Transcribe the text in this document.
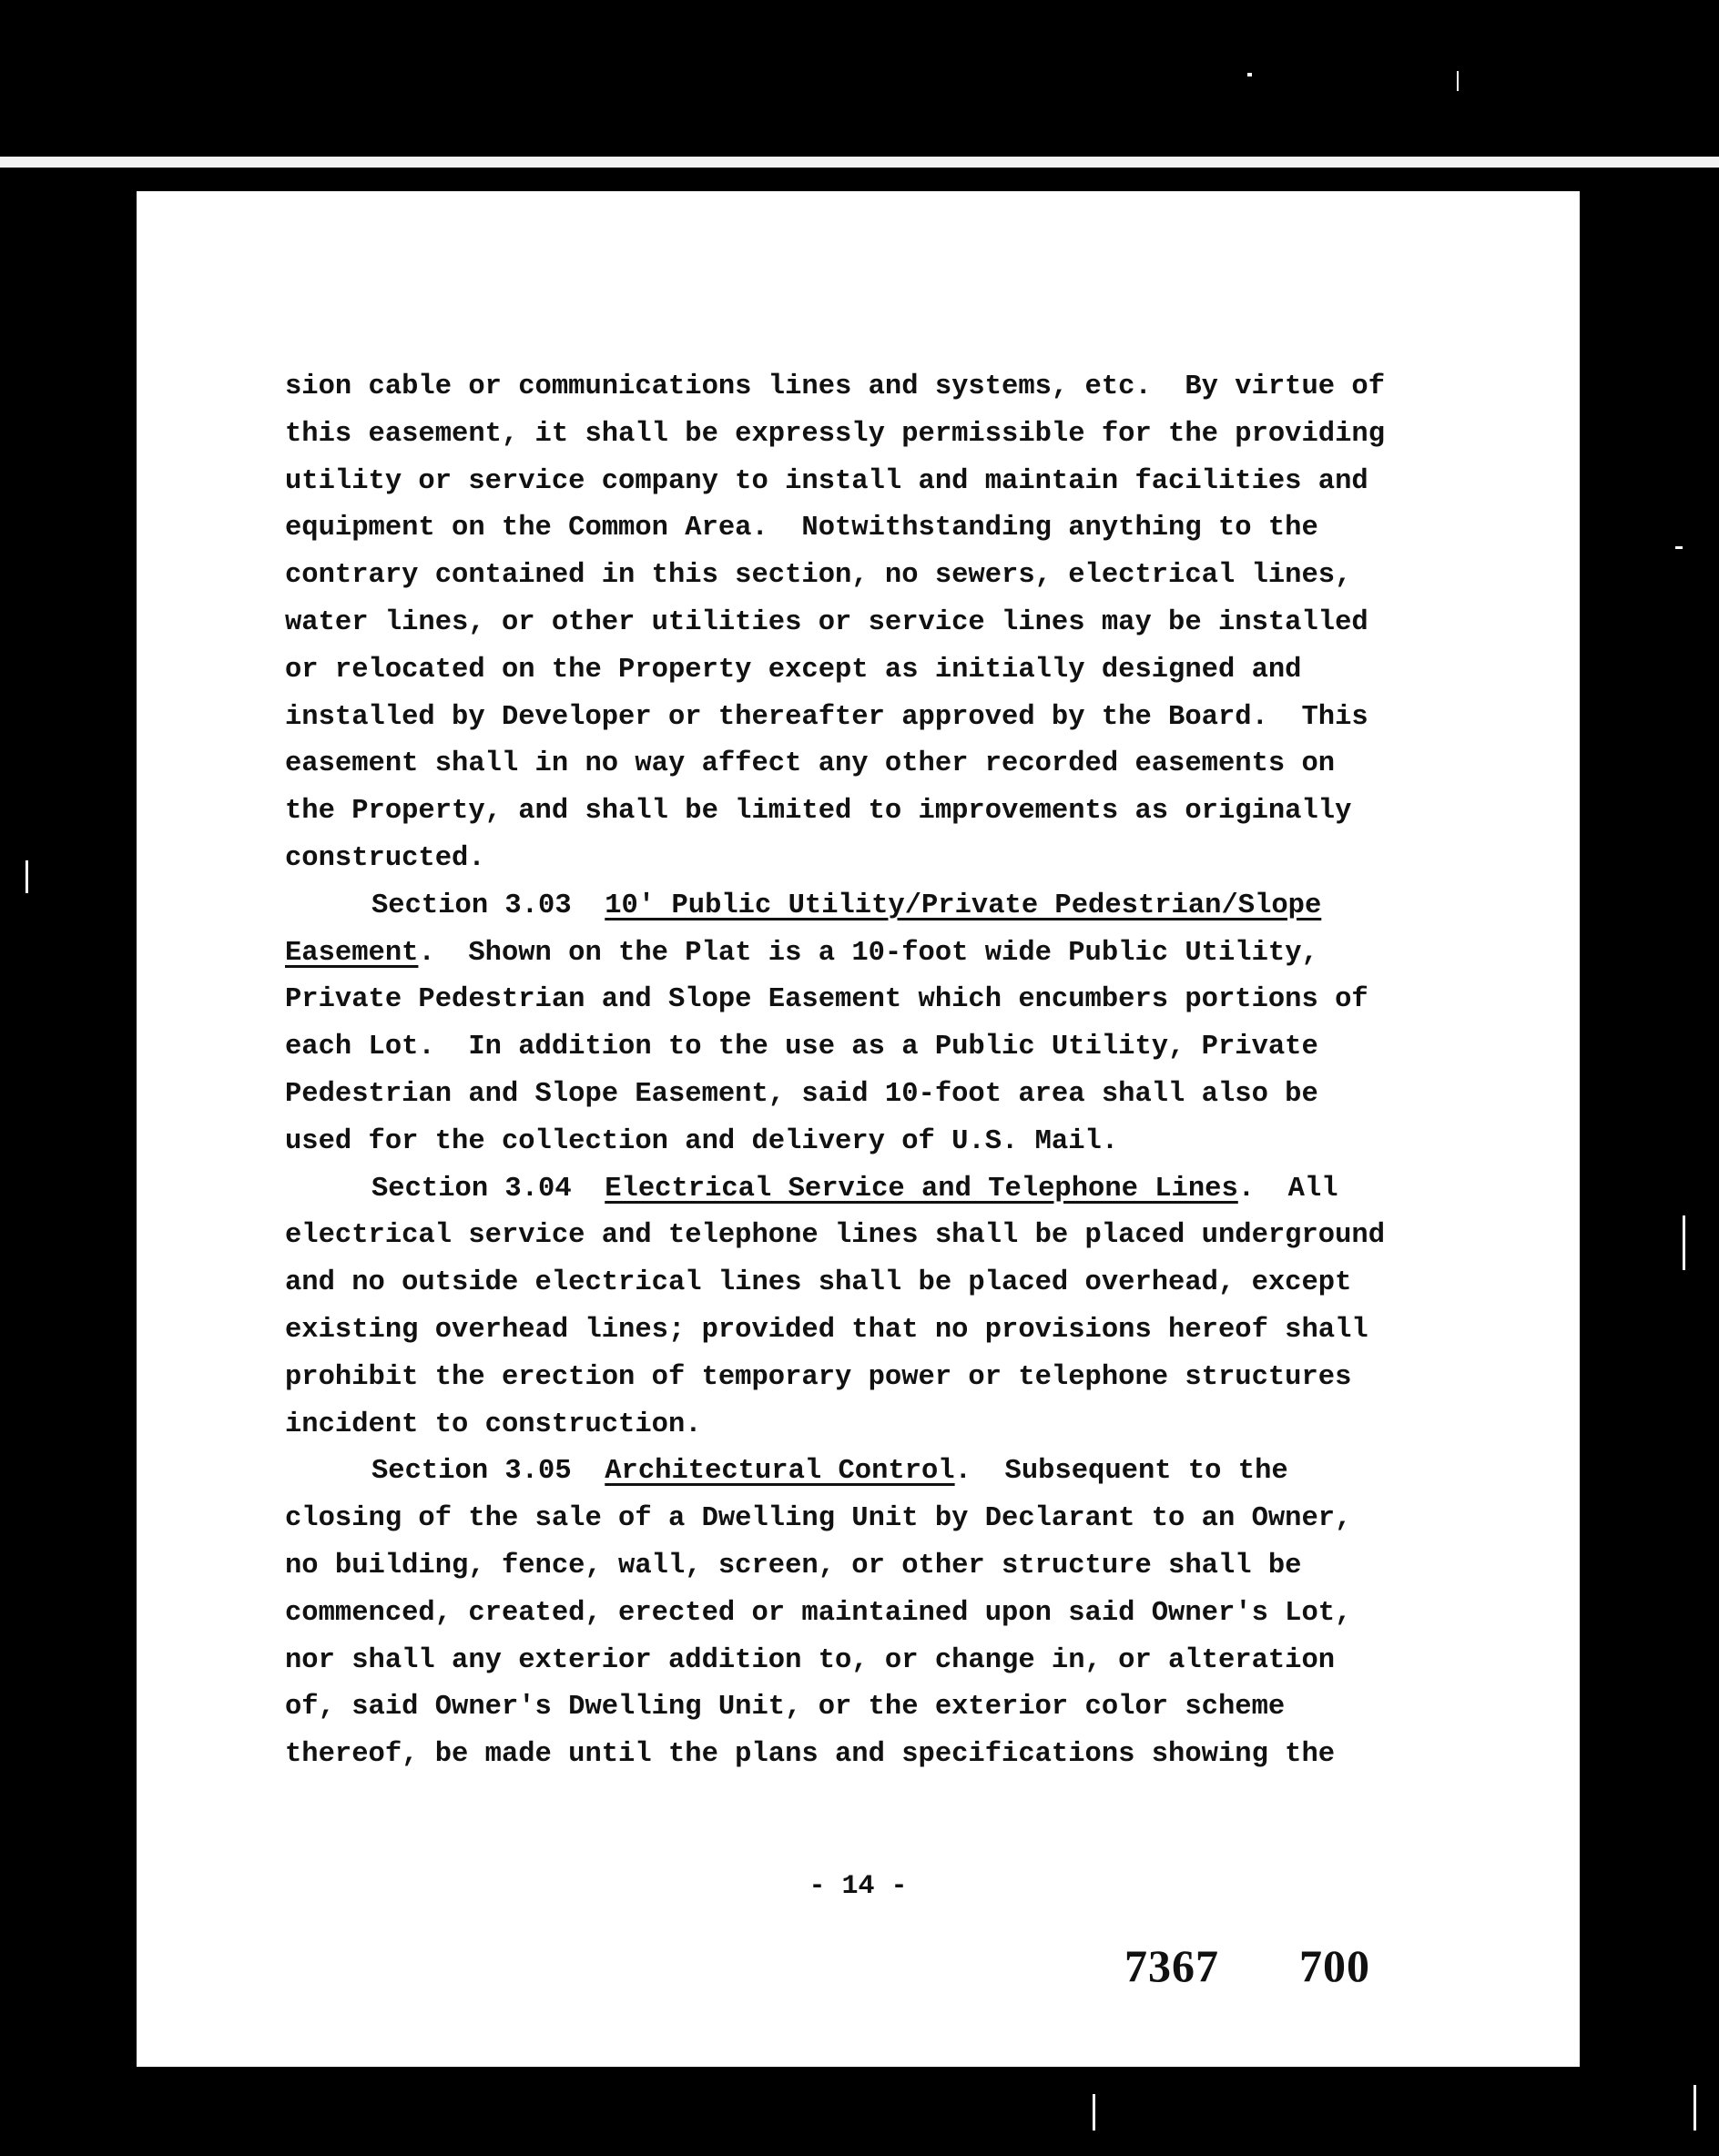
sion cable or communications lines and systems, etc.  By virtue of
this easement, it shall be expressly permissible for the providing
utility or service company to install and maintain facilities and
equipment on the Common Area.  Notwithstanding anything to the
contrary contained in this section, no sewers, electrical lines,
water lines, or other utilities or service lines may be installed
or relocated on the Property except as initially designed and
installed by Developer or thereafter approved by the Board.  This
easement shall in no way affect any other recorded easements on
the Property, and shall be limited to improvements as originally
constructed.
Section 3.03 10' Public Utility/Private Pedestrian/Slope
Easement.  Shown on the Plat is a 10-foot wide Public Utility,
Private Pedestrian and Slope Easement which encumbers portions of
each Lot.  In addition to the use as a Public Utility, Private
Pedestrian and Slope Easement, said 10-foot area shall also be
used for the collection and delivery of U.S. Mail.
Section 3.04 Electrical Service and Telephone Lines.  All
electrical service and telephone lines shall be placed underground
and no outside electrical lines shall be placed overhead, except
existing overhead lines; provided that no provisions hereof shall
prohibit the erection of temporary power or telephone structures
incident to construction.
Section 3.05 Architectural Control.  Subsequent to the
closing of the sale of a Dwelling Unit by Declarant to an Owner,
no building, fence, wall, screen, or other structure shall be
commenced, created, erected or maintained upon said Owner's Lot,
nor shall any exterior addition to, or change in, or alteration
of, said Owner's Dwelling Unit, or the exterior color scheme
thereof, be made until the plans and specifications showing the
- 14 -
7367 700
